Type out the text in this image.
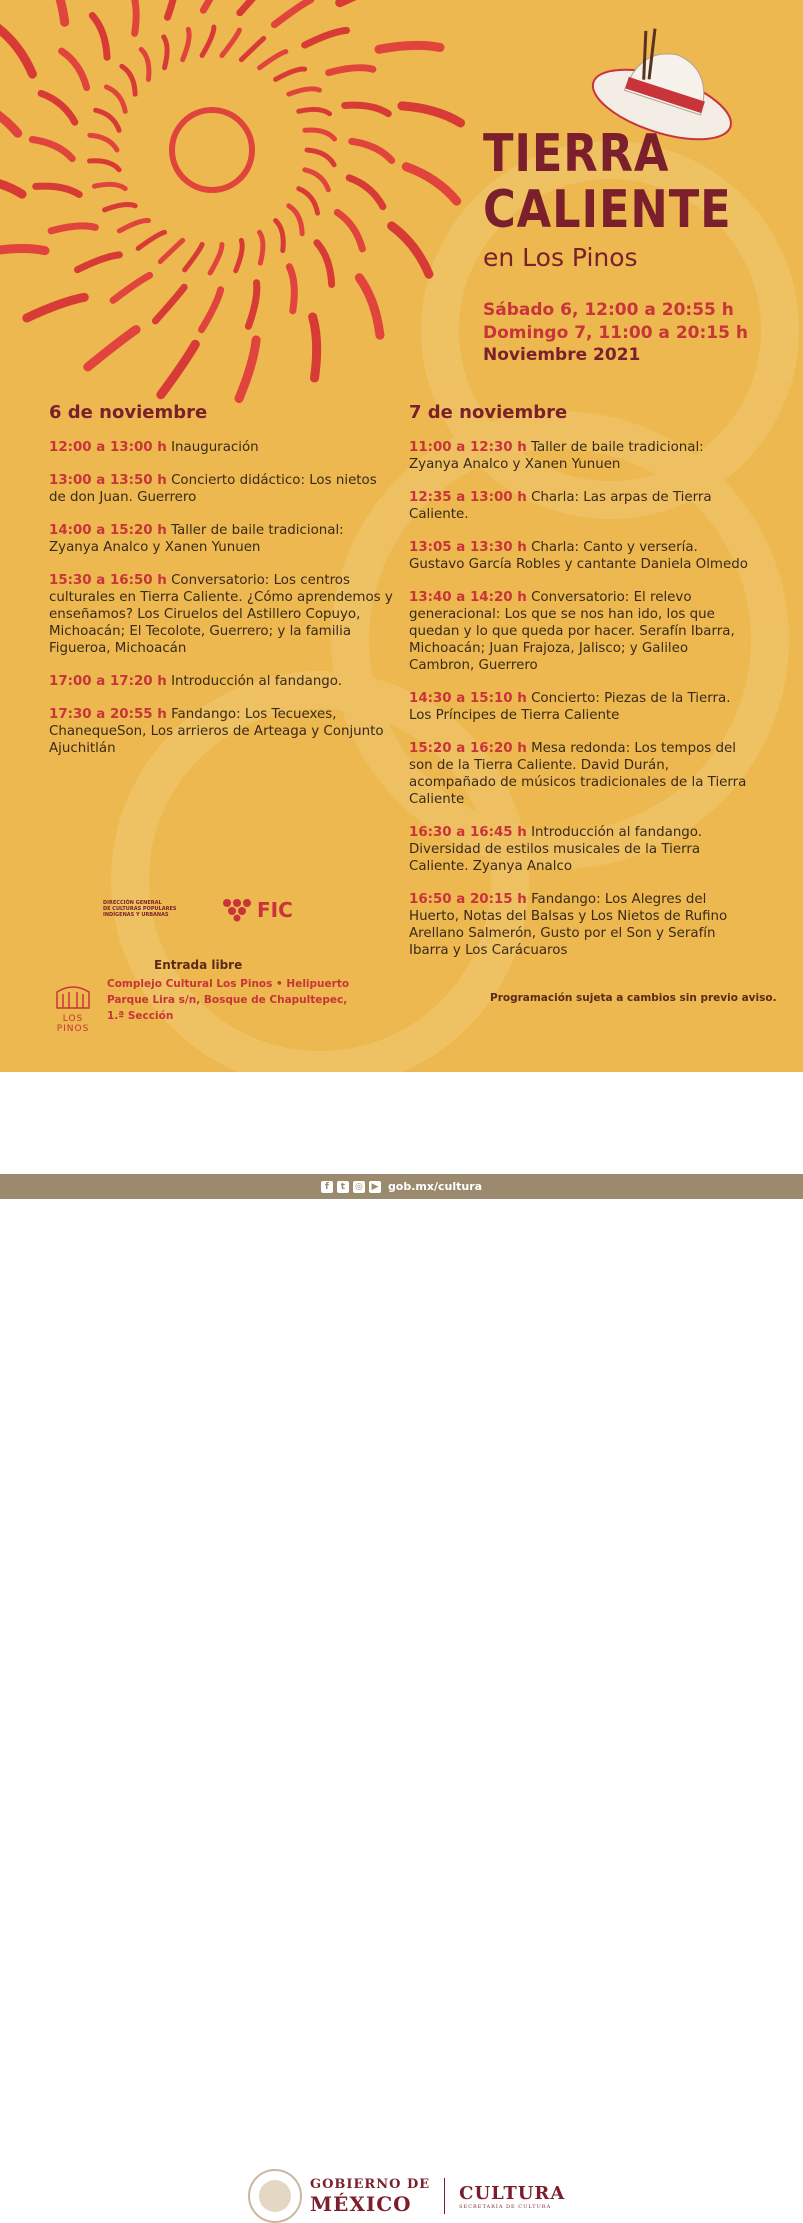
TIERRA
CALIENTE
en Los Pinos
Sábado 6, 12:00 a 20:55 h
Domingo 7, 11:00 a 20:15 h
Noviembre 2021
6 de noviembre
12:00 a 13:00 h Inauguración
13:00 a 13:50 h Concierto didáctico: Los nietos de don Juan. Guerrero
14:00 a 15:20 h Taller de baile tradicional: Zyanya Analco y Xanen Yunuen
15:30 a 16:50 h Conversatorio: Los centros culturales en Tierra Caliente. ¿Cómo aprendemos y enseñamos? Los Ciruelos del Astillero Copuyo, Michoacán; El Tecolote, Guerrero; y la familia Figueroa, Michoacán
17:00 a 17:20 h Introducción al fandango.
17:30 a 20:55 h Fandango: Los Tecuexes, ChanequeSon, Los arrieros de Arteaga y Conjunto Ajuchitlán
7 de noviembre
11:00 a 12:30 h Taller de baile tradicional: Zyanya Analco y Xanen Yunuen
12:35 a 13:00 h Charla: Las arpas de Tierra Caliente.
13:05 a 13:30 h Charla: Canto y versería. Gustavo García Robles y cantante Daniela Olmedo
13:40 a 14:20 h Conversatorio: El relevo generacional: Los que se nos han ido, los que quedan y lo que queda por hacer. Serafín Ibarra, Michoacán; Juan Frajoza, Jalisco; y Galileo Cambron, Guerrero
14:30 a 15:10 h Concierto: Piezas de la Tierra. Los Príncipes de Tierra Caliente
15:20 a 16:20 h Mesa redonda: Los tempos del son de la Tierra Caliente. David Durán, acompañado de músicos tradicionales de la Tierra Caliente
16:30 a 16:45 h Introducción al fandango. Diversidad de estilos musicales de la Tierra Caliente. Zyanya Analco
16:50 a 20:15 h Fandango: Los Alegres del Huerto, Notas del Balsas y Los Nietos de Rufino Arellano Salmerón, Gusto por el Son y Serafín Ibarra y Los Carácuaros
DIRECCIÓN GENERAL
DE CULTURAS POPULARES
INDÍGENAS Y URBANAS	FIC
Entrada libre
LOS PINOS
Complejo Cultural Los Pinos • Helipuerto
Parque Lira s/n, Bosque de Chapultepec,
1.ª Sección
Programación sujeta a cambios sin previo aviso.
GOBIERNO DE
MÉXICO	CULTURA
SECRETARÍA DE CULTURA
f	t	◎ ▶ gob.mx/cultura
